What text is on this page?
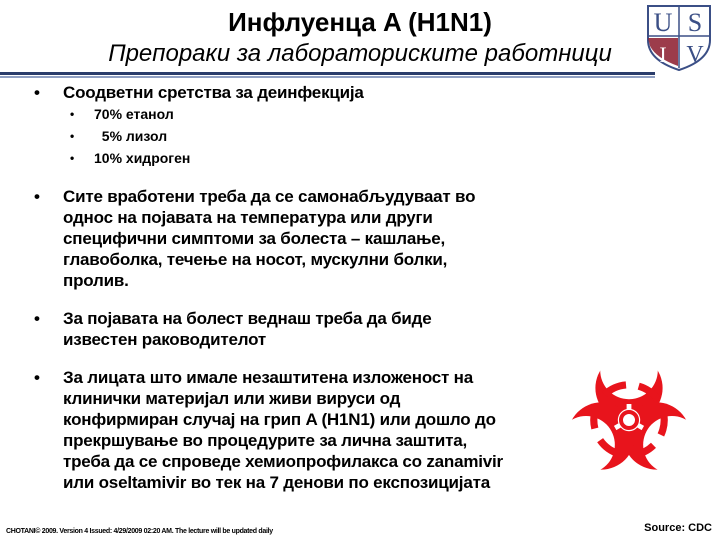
Инфлуенца A (H1N1)
Препораки за лабораториските работници
U S
V
I
• Соодветни сретства за деинфекција
• 70% етанол
• 5% лизол
• 10% хидроген
• Сите вработени треба да се самонабљудуваат во
однос на појавата на температура или други
специфични симптоми за болеста – кашлање,
главоболка, течење на носот, мускулни болки,
пролив.
• За појавата на болест веднаш треба да биде
известен раководителот
• За лицата што имале незаштитена изложеност на
клинички материјал или живи вируси од
конфирмиран случај на грип A (H1N1) или дошло до
прекршување во процедурите за лична заштита,
треба да се спроведе хемиопрофилакса со zanamivir
или oseltamivir во тек на 7 денови по експозицијата
CHOTANI© 2009. Version 4 Issued: 4/29/2009 02:20 AM. The lecture will be updated daily	Source: CDC
